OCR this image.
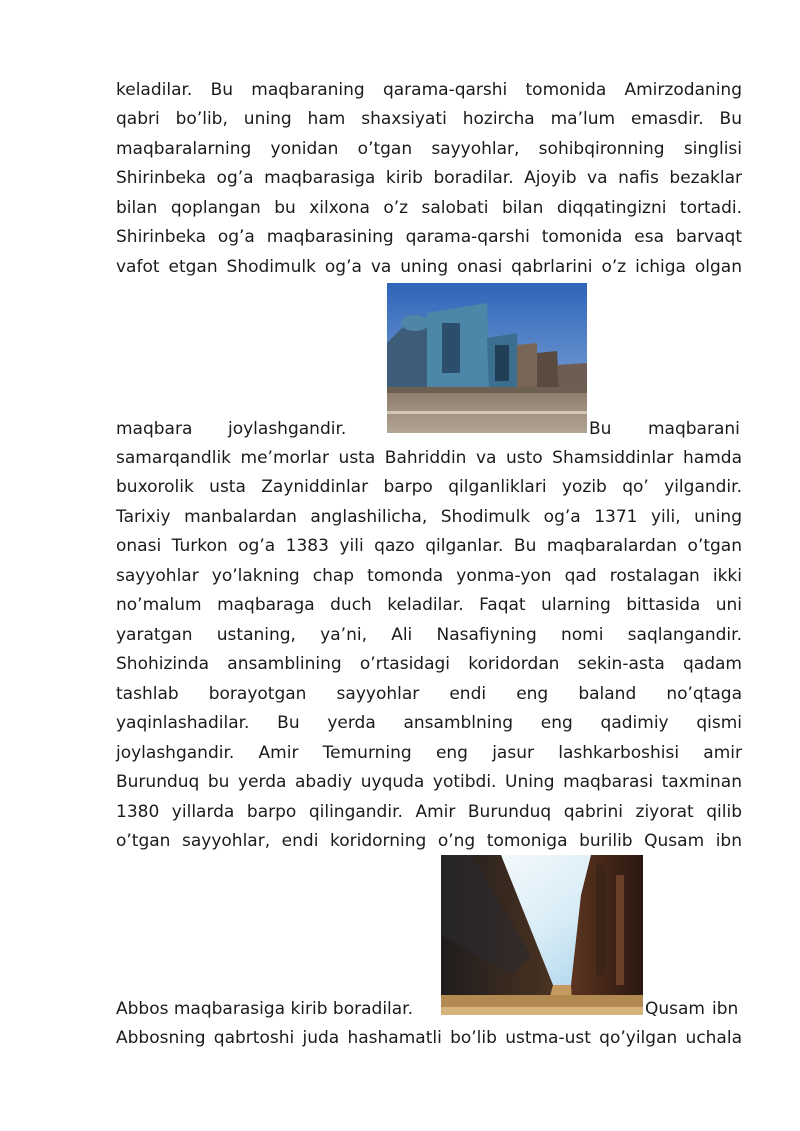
keladilar. Bu maqbaraning qarama-qarshi tomonida Amirzodaning
qabri bo’lib, uning ham shaxsiyati hozircha ma’lum emasdir. Bu
maqbaralarning yonidan o’tgan sayyohlar, sohibqironning singlisi
Shirinbeka og’a maqbarasiga kirib boradilar. Ajoyib va nafis bezaklar
bilan qoplangan bu xilxona o’z salobati bilan diqqatingizni tortadi.
Shirinbeka og’a maqbarasining qarama-qarshi tomonida esa barvaqt
vafot etgan Shodimulk og’a va uning onasi qabrlarini o’z ichiga olgan
maqbara joylashgandir.	Bu maqbarani
samarqandlik me’morlar usta Bahriddin va usto Shamsiddinlar hamda
buxorolik usta Zayniddinlar barpo qilganliklari yozib qo’ yilgandir.
Tarixiy manbalardan anglashilicha, Shodimulk og’a 1371 yili, uning
onasi Turkon og’a 1383 yili qazo qilganlar. Bu maqbaralardan o’tgan
sayyohlar yo’lakning chap tomonda yonma-yon qad rostalagan ikki
no’malum maqbaraga duch keladilar. Faqat ularning bittasida uni
yaratgan ustaning, ya’ni, Ali Nasafiyning nomi saqlangandir.
Shohizinda ansamblining o’rtasidagi koridordan sekin-asta qadam
tashlab borayotgan sayyohlar endi eng baland no’qtaga
yaqinlashadilar. Bu yerda ansamblning eng qadimiy qismi
joylashgandir. Amir Temurning eng jasur lashkarboshisi amir
Burunduq bu yerda abadiy uyquda yotibdi. Uning maqbarasi taxminan
1380 yillarda barpo qilingandir. Amir Burunduq qabrini ziyorat qilib
o’tgan sayyohlar, endi koridorning o’ng tomoniga burilib Qusam ibn
Abbos maqbarasiga kirib boradilar.	Qusam ibn
Abbosning qabrtoshi juda hashamatli bo’lib ustma-ust qo’yilgan uchala
